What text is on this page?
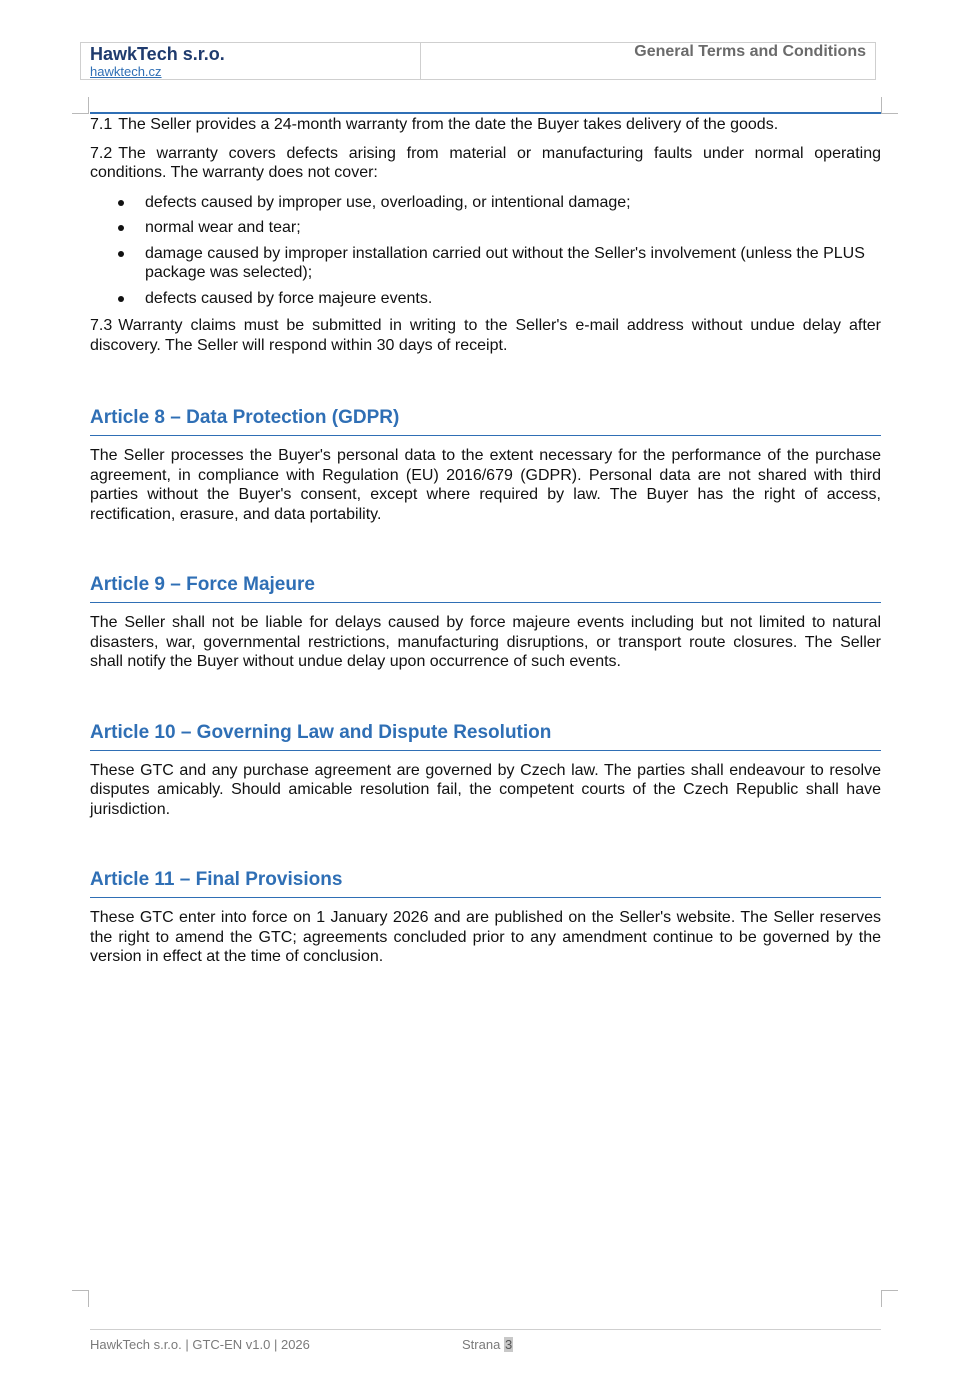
HawkTech s.r.o.
hawktech.cz
General Terms and Conditions

7.1 The Seller provides a 24-month warranty from the date the Buyer takes delivery of the goods.

7.2 The warranty covers defects arising from material or manufacturing faults under normal operating conditions. The warranty does not cover:

defects caused by improper use, overloading, or intentional damage;
normal wear and tear;
damage caused by improper installation carried out without the Seller's involvement (unless the PLUS package was selected);
defects caused by force majeure events.

7.3 Warranty claims must be submitted in writing to the Seller's e-mail address without undue delay after discovery. The Seller will respond within 30 days of receipt.

Article 8 – Data Protection (GDPR)

The Seller processes the Buyer's personal data to the extent necessary for the performance of the purchase agreement, in compliance with Regulation (EU) 2016/679 (GDPR). Personal data are not shared with third parties without the Buyer's consent, except where required by law. The Buyer has the right of access, rectification, erasure, and data portability.

Article 9 – Force Majeure

The Seller shall not be liable for delays caused by force majeure events including but not limited to natural disasters, war, governmental restrictions, manufacturing disruptions, or transport route closures. The Seller shall notify the Buyer without undue delay upon occurrence of such events.

Article 10 – Governing Law and Dispute Resolution

These GTC and any purchase agreement are governed by Czech law. The parties shall endeavour to resolve disputes amicably. Should amicable resolution fail, the competent courts of the Czech Republic shall have jurisdiction.

Article 11 – Final Provisions

These GTC enter into force on 1 January 2026 and are published on the Seller's website. The Seller reserves the right to amend the GTC; agreements concluded prior to any amendment continue to be governed by the version in effect at the time of conclusion.

HawkTech s.r.o. | GTC-EN v1.0 | 2026	Strana 3
